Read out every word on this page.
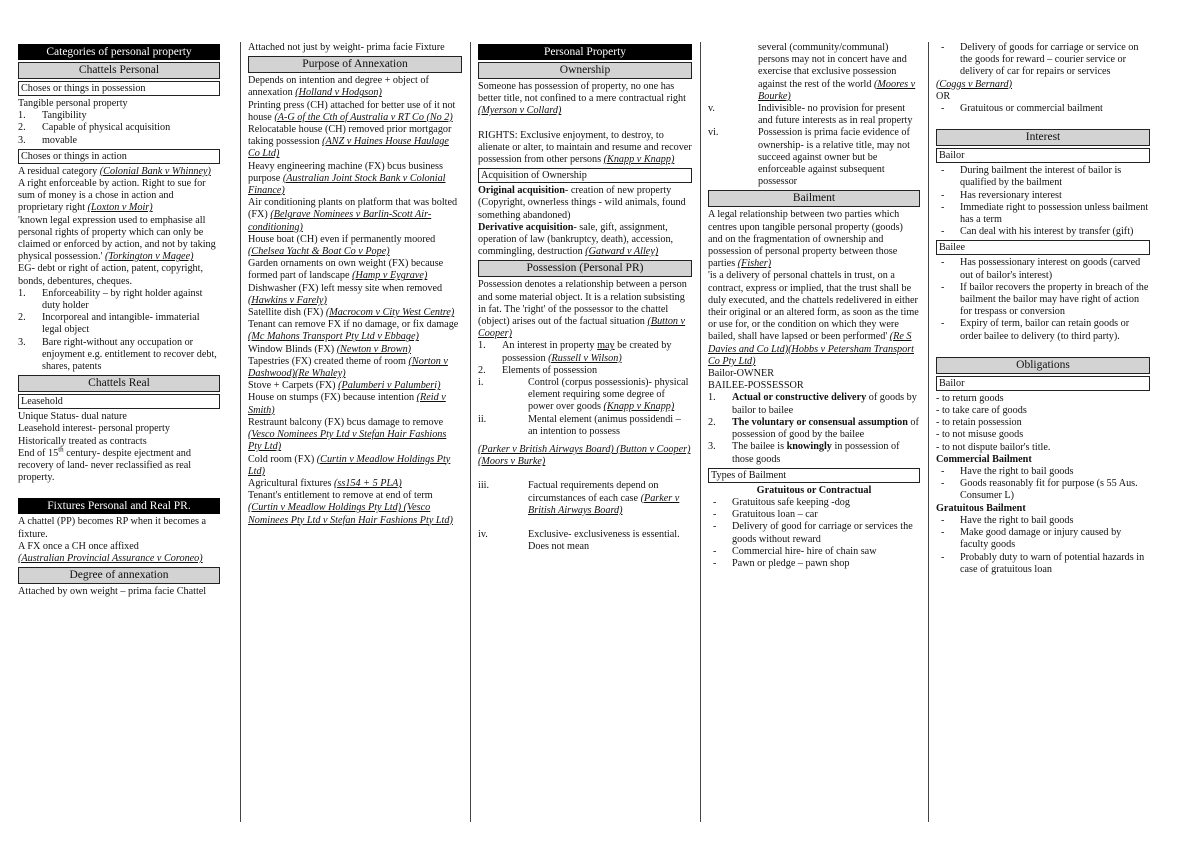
Categories of personal property
Chattels Personal
Choses or things in possession
Tangible personal property
1.	Tangibility
2.	Capable of physical acquisition
3.	movable
Choses or things in action
A residual category (Colonial Bank v Whinney)
A right enforceable by action. Right to sue for sum of money is a chose in action and proprietary right (Loxton v Moir)
'known legal expression used to emphasise all personal rights of property which can only be claimed or enforced by action, and not by taking physical possession.' (Torkington v Magee)
EG- debt or right of action, patent, copyright, bonds, debentures, cheques.
1.	Enforceability – by right holder against duty holder
2.	Incorporeal and intangible- immaterial legal object
3.	Bare right-without any occupation or enjoyment e.g. entitlement to recover debt, shares, patents
Chattels Real
Leasehold
Unique Status- dual nature
Leasehold interest- personal property
Historically treated as contracts
End of 15th century- despite ejectment and recovery of land- never reclassified as real property.
Fixtures Personal and Real PR.
A chattel (PP) becomes RP when it becomes a fixture.
A FX once a CH once affixed
(Australian Provincial Assurance v Coroneo)
Degree of annexation
Attached by own weight – prima facie Chattel
Attached not just by weight- prima facie Fixture
Purpose of Annexation
Depends on intention and degree + object of annexation (Holland v Hodgson)
Printing press (CH) attached for better use of it not house (A-G of the Cth of Australia v RT Co (No 2)
Relocatable house (CH) removed prior mortgagor taking possession (ANZ v Haines House Haulage Co Ltd)
Heavy engineering machine (FX) bcus business purpose (Australian Joint Stock Bank v Colonial Finance)
Air conditioning plants on platform that was bolted (FX) (Belgrave Nominees v Barlin-Scott Air-conditioning)
House boat (CH) even if permanently moored (Chelsea Yacht & Boat Co v Pope)
Garden ornaments on own weight (FX) because formed part of landscape (Hamp v Eygrave)
Dishwasher (FX) left messy site when removed (Hawkins v Farely)
Satellite dish (FX) (Macrocom v City West Centre)
Tenant can remove FX if no damage, or fix damage (Mc Mahons Transport Pty Ltd v Ebbage)
Window Blinds (FX) (Newton v Brown)
Tapestries (FX) created theme of room (Norton v Dashwood)(Re Whaley)
Stove + Carpets (FX) (Palumberi v Palumberi)
House on stumps (FX) because intention (Reid v Smith)
Restraunt balcony (FX) bcus damage to remove (Vesco Nominees Pty Ltd v Stefan Hair Fashions Pty Ltd)
Cold room (FX) (Curtin v Meadlow Holdings Pty Ltd)
Agricultural fixtures (ss154 + 5 PLA)
Tenant's entitlement to remove at end of term (Curtin v Meadlow Holdings Pty Ltd) (Vesco Nominees Pty Ltd v Stefan Hair Fashions Pty Ltd)
Personal Property
Ownership
Someone has possession of property, no one has better title, not confined to a mere contractual right (Myerson v Collard)
RIGHTS: Exclusive enjoyment, to destroy, to alienate or alter, to maintain and resume and recover possession from other persons (Knapp v Knapp)
Acquisition of Ownership
Original acquisition- creation of new property (Copyright, ownerless things - wild animals, found something abandoned)
Derivative acquisition- sale, gift, assignment, operation of law (bankruptcy, death), accession, commingling, destruction (Gatward v Alley)
Possession (Personal PR)
Possession denotes a relationship between a person and some material object. It is a relation subsisting in fat. The 'right' of the possessor to the chattel (object) arises out of the factual situation (Button v Cooper)
1.	An interest in property may be created by possession (Russell v Wilson)
2.	Elements of possession
i.	Control (corpus possessionis)- physical element requiring some degree of power over goods (Knapp v Knapp)
ii.	Mental element (animus possidendi – an intention to possess
(Parker v British Airways Board) (Button v Cooper) (Moors v Burke)
iii.	Factual requirements depend on circumstances of each case (Parker v British Airways Board)
iv.	Exclusive- exclusiveness is essential. Does not mean
several (community/communal) persons may not in concert have and exercise that exclusive possession against the rest of the world (Moores v Bourke)
v.	Indivisible- no provision for present and future interests as in real property
vi.	Possession is prima facie evidence of ownership- is a relative title, may not succeed against owner but be enforceable against subsequent possessor
Bailment
A legal relationship between two parties which centres upon tangible personal property (goods) and on the fragmentation of ownership and possession of personal property between those parties (Fisher)
'is a delivery of personal chattels in trust, on a contract, express or implied, that the trust shall be duly executed, and the chattels redelivered in either their original or an altered form, as soon as the time or use for, or the condition on which they were bailed, shall have lapsed or been performed' (Re S Davies and Co Ltd)(Hobbs v Petersham Transport Co Pty Ltd)
Bailor-OWNER
BAILEE-POSSESSOR
1.	Actual or constructive delivery of goods by bailor to bailee
2.	The voluntary or consensual assumption of possession of good by the bailee
3.	The bailee is knowingly in possession of those goods
Types of Bailment
Gratuitous or Contractual
-	Gratuitous safe keeping -dog
-	Gratuitous loan – car
-	Delivery of good for carriage or services the goods without reward
-	Commercial hire- hire of chain saw
-	Pawn or pledge – pawn shop
-	Delivery of goods for carriage or service on the goods for reward – courier service or delivery of car for repairs or services
(Coggs v Bernard)
OR
-	Gratuitous or commercial bailment
Interest
Bailor
-	During bailment the interest of bailor is qualified by the bailment
-	Has reversionary interest
-	Immediate right to possession unless bailment has a term
-	Can deal with his interest by transfer (gift)
Bailee
-	Has possessionary interest on goods (carved out of bailor's interest)
-	If bailor recovers the property in breach of the bailment the bailor may have right of action for trespass or conversion
-	Expiry of term, bailor can retain goods or order bailee to delivery (to third party).
Obligations
Bailor
- to return goods
- to take care of goods
- to retain possession
- to not misuse goods
- to not dispute bailor's title.
Commercial Bailment
-	Have the right to bail goods
-	Goods reasonably fit for purpose (s 55 Aus. Consumer L)
Gratuitous Bailment
-	Have the right to bail goods
-	Make good damage or injury caused by faculty goods
-	Probably duty to warn of potential hazards in case of gratuitous loan
